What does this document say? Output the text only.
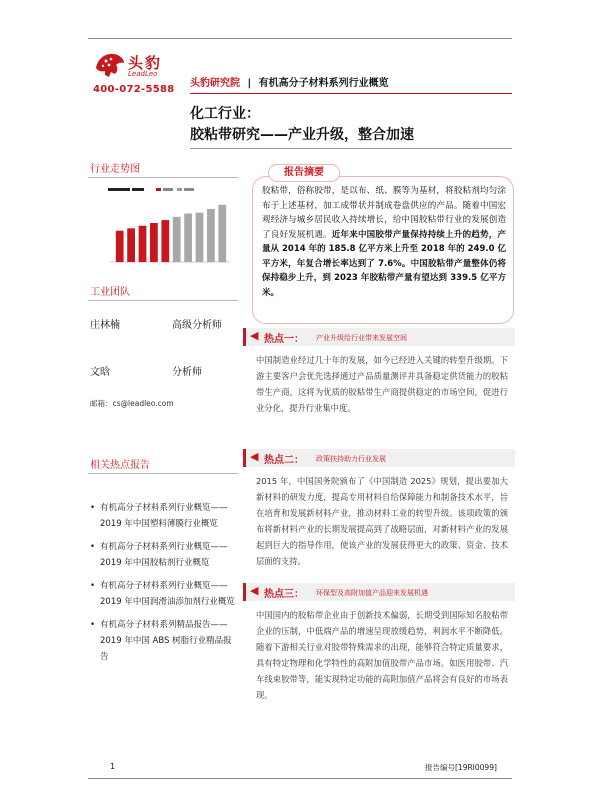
头豹
LeadLeo
400-072-5588
头豹研究院 | 有机高分子材料系列行业概览
化工行业：
胶粘带研究——产业升级，整合加速
行业走势图
工业团队
庄林楠	高级分析师
文晗	分析师
邮箱：cs@leadleo.com
相关热点报告
• 有机高分子材料系列行业概览——2019 年中国塑料薄膜行业概览
• 有机高分子材料系列行业概览——2019 年中国胶粘剂行业概览
• 有机高分子材料系列行业概览——2019 年中国润滑油添加剂行业概览
• 有机高分子材料系列精品报告——2019 年中国 ABS 树脂行业精品报告
报告摘要
胶粘带，俗称胶带，是以布、纸、膜等为基材，将胶粘剂均匀涂布于上述基材，加工成带状并制成卷盘供应的产品。随着中国宏观经济与城乡居民收入持续增长，给中国胶粘带行业的发展创造了良好发展机遇。近年来中国胶带产量保持持续上升的趋势，产量从 2014 年的 185.8 亿平方米上升至 2018 年的 249.0 亿平方米，年复合增长率达到了 7.6%。中国胶粘带产量整体仍将保持稳步上升，到 2023 年胶粘带产量有望达到 339.5 亿平方米。
◀ 热点一： 产业升级给行业带来发展空间
中国制造业经过几十年的发展，如今已经进入关键的转型升级期。下游主要客户会优先选择通过产品质量测评并具备稳定供货能力的胶粘带生产商，这将为优质的胶粘带生产商提供稳定的市场空间，促进行业分化，提升行业集中度。
◀ 热点二： 政策扶持助力行业发展
2015 年，中国国务院颁布了《中国制造 2025》规划，提出要加大新材料的研发力度，提高专用材料自给保障能力和制备技术水平，旨在培育和发展新材料产业，推动材料工业的转型升级。该项政策的颁布将新材料产业的长期发展提高到了战略层面，对新材料产业的发展起到巨大的指导作用，使该产业的发展获得更大的政策、资金、技术层面的支持。
◀ 热点三： 环保型及高附加值产品迎来发展机遇
中国国内的胶粘带企业由于创新技术偏弱，长期受到国际知名胶粘带企业的压制，中低端产品的增速呈现放缓趋势，利润水平不断降低。随着下游相关行业对胶带特殊需求的出现，能够符合特定质量要求，具有特定物理和化学特性的高附加值胶带产品市场。如医用胶带、汽车线束胶带等，能实现特定功能的高附加值产品将会有良好的市场表现。
1	报告编号[19RI0099]
